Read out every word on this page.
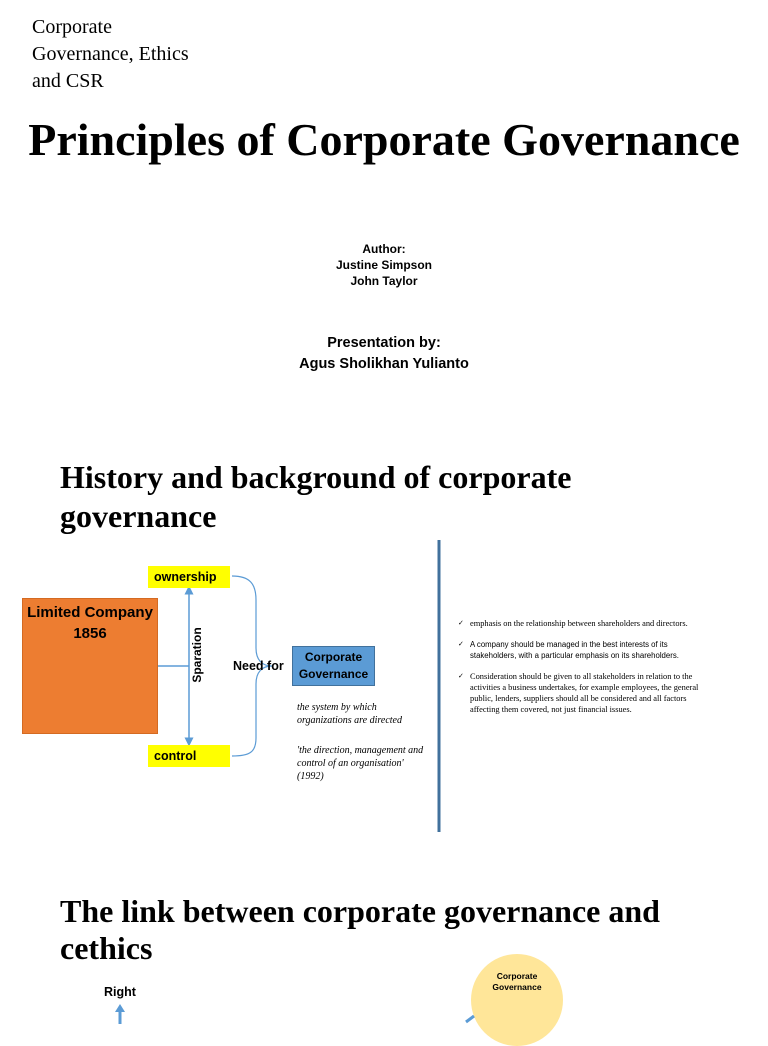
Corporate Governance, Ethics and CSR
Principles of Corporate Governance
Author:
Justine Simpson
John Taylor
Presentation by:
Agus Sholikhan Yulianto
History and background of corporate governance
Limited Company 1856
ownership
control
Sparation	Need for
Corporate Governance
the system by which organizations are directed
'the direction, management and control of an organisation' (1992)
✓ emphasis on the relationship between shareholders and directors.
✓ A company should be managed in the best interests of its stakeholders, with a particular emphasis on its shareholders.
✓ Consideration should be given to all stakeholders in relation to the activities a business undertakes, for example employees, the general public, lenders, suppliers should all be considered and all factors affecting them covered, not just financial issues.
The link between corporate governance and cethics
Right
Corporate Governance
